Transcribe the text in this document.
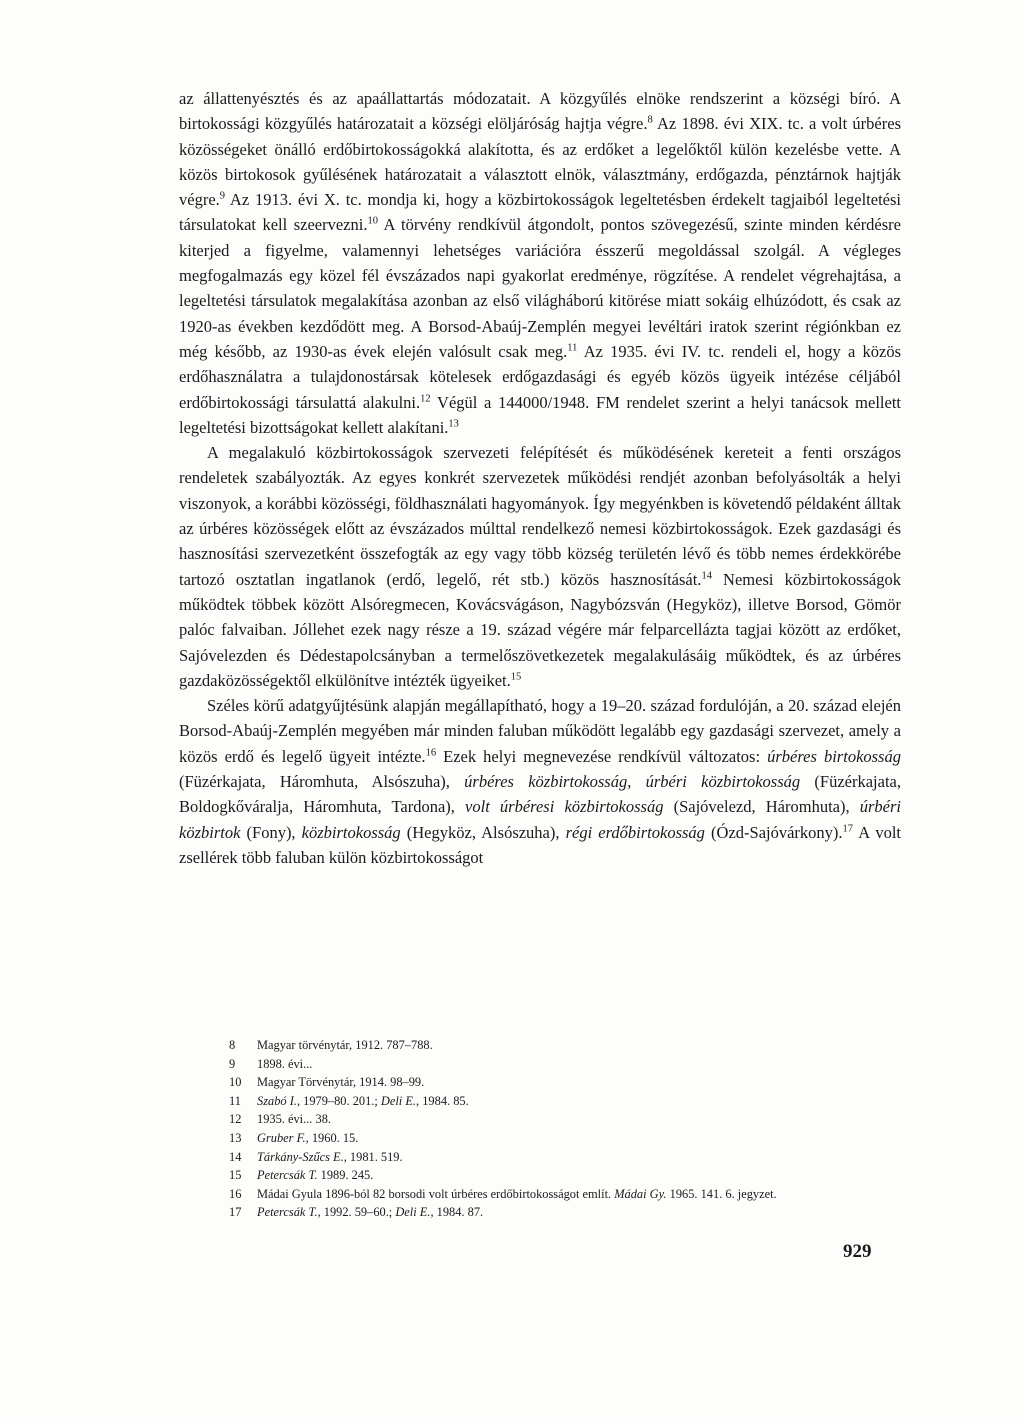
az állattenyésztés és az apaállattartás módozatait. A közgyűlés elnöke rendszerint a községi bíró. A birtokossági közgyűlés határozatait a községi elöljáróság hajtja végre.$^8$ Az 1898. évi XIX. tc. a volt úrbéres közösségeket önálló erdőbirtokosságokká alakította, és az erdőket a legelőktől külön kezelésbe vette. A közös birtokosok gyűlésének határozatait a választott elnök, választmány, erdőgazda, pénztárnok hajtják végre.$^9$ Az 1913. évi X. tc. mondja ki, hogy a közbirtokosságok legeltetésben érdekelt tagjaiból legeltetési társulatokat kell szeervezni.$^{10}$ A törvény rendkívül átgondolt, pontos szövegezésű, szinte minden kérdésre kiterjed a figyelme, valamennyi lehetséges variációra ésszerű megoldással szolgál. A végleges megfogalmazás egy közel fél évszázados napi gyakorlat eredménye, rögzítése. A rendelet végrehajtása, a legeltetési társulatok megalakítása azonban az első világháború kitörése miatt sokáig elhúzódott, és csak az 1920-as években kezdődött meg. A Borsod-Abaúj-Zemplén megyei levéltári iratok szerint régiónkban ez még később, az 1930-as évek elején valósult csak meg.$^{11}$ Az 1935. évi IV. tc. rendeli el, hogy a közös erdőhasználatra a tulajdonostársak kötelesek erdőgazdasági és egyéb közös ügyeik intézése céljából erdőbirtokossági társulattá alakulni.$^{12}$ Végül a 144000/1948. FM rendelet szerint a helyi tanácsok mellett legeltetési bizottságokat kellett alakítani.$^{13}$

A megalakuló közbirtokosságok szervezeti felépítését és működésének kereteit a fenti országos rendeletek szabályozták. Az egyes konkrét szervezetek működési rendjét azonban befolyásolták a helyi viszonyok, a korábbi közösségi, földhasználati hagyományok. Így megyénkben is követendő példaként álltak az úrbéres közösségek előtt az évszázados múlttal rendelkező nemesi közbirtokosságok. Ezek gazdasági és hasznosítási szervezetként összefogták az egy vagy több község területén lévő és több nemes érdekkörébe tartozó osztatlan ingatlanok (erdő, legelő, rét stb.) közös hasznosítását.$^{14}$ Nemesi közbirtokosságok működtek többek között Alsóregmecen, Kovácsvágáson, Nagybózsván (Hegyköz), illetve Borsod, Gömör palóc falvaiban. Jóllehet ezek nagy része a 19. század végére már felparcellázta tagjai között az erdőket, Sajóvelezden és Dédestapolcsányban a termelőszövetkezetek megalakulásáig működtek, és az úrbéres gazdaközösségektől elkülönítve intézték ügyeiket.$^{15}$

Széles körű adatgyűjtésünk alapján megállapítható, hogy a 19–20. század fordulóján, a 20. század elején Borsod-Abaúj-Zemplén megyében már minden faluban működött legalább egy gazdasági szervezet, amely a közös erdő és legelő ügyeit intézte.$^{16}$ Ezek helyi megnevezése rendkívül változatos: úrbéres birtokosság (Füzérkajata, Háromhuta, Alsószuha), úrbéres közbirtokosság, úrbéri közbirtokosság (Füzérkajata, Boldogkőváralja, Háromhuta, Tardona), volt úrbéresi közbirtokosság (Sajóvelezd, Háromhuta), úrbéri közbirtok (Fony), közbirtokosság (Hegyköz, Alsószuha), régi erdőbirtokosság (Ózd-Sajóvárkony).$^{17}$ A volt zsellérek több faluban külön közbirtokosságot

8	Magyar törvénytár, 1912. 787–788.
9	1898. évi...
10	Magyar Törvénytár, 1914. 98–99.
11	Szabó I., 1979–80. 201.; Deli E., 1984. 85.
12	1935. évi... 38.
13	Gruber F., 1960. 15.
14	Tárkány-Szűcs E., 1981. 519.
15	Petercsák T. 1989. 245.
16	Mádai Gyula 1896-ból 82 borsodi volt úrbéres erdőbirtokosságot említ. Mádai Gy. 1965. 141. 6. jegyzet.
17	Petercsák T., 1992. 59–60.; Deli E., 1984. 87.
929
